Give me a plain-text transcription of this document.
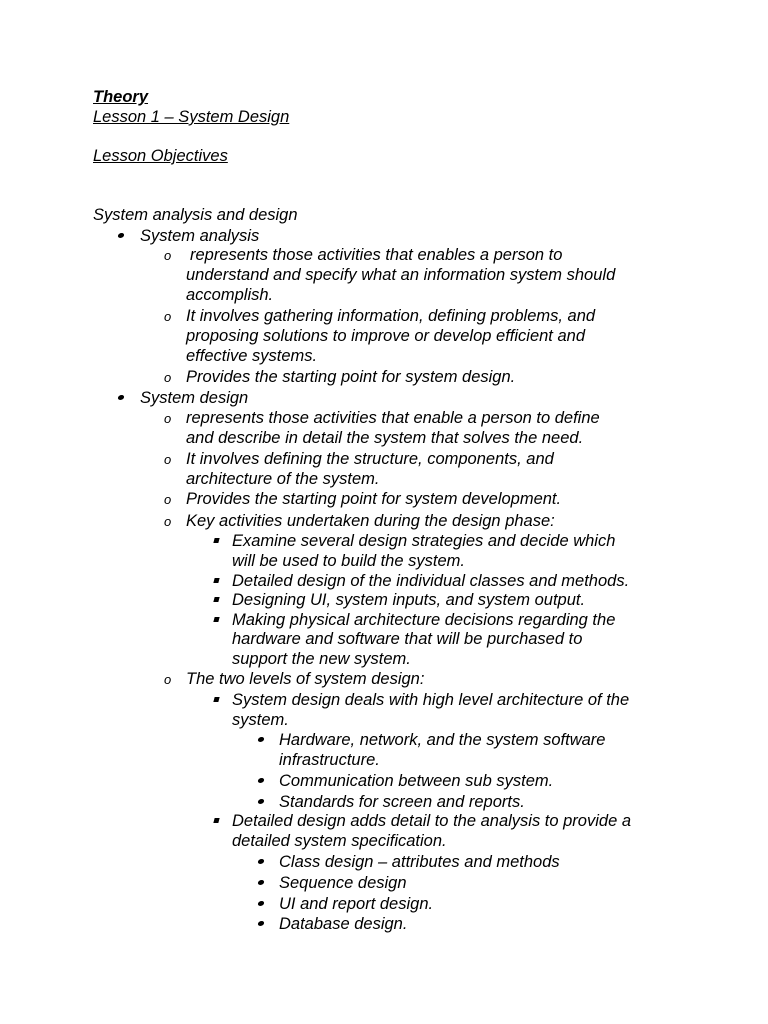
Theory
Lesson 1 – System Design
Lesson Objectives
System analysis and design
System analysis
o represents those activities that enables a person to
understand and specify what an information system should
accomplish.
o It involves gathering information, defining problems, and
proposing solutions to improve or develop efficient and
effective systems.
o Provides the starting point for system design.
System design
o represents those activities that enable a person to define
and describe in detail the system that solves the need.
o It involves defining the structure, components, and
architecture of the system.
o Provides the starting point for system development.
o Key activities undertaken during the design phase:
Examine several design strategies and decide which
will be used to build the system.
Detailed design of the individual classes and methods.
Designing UI, system inputs, and system output.
Making physical architecture decisions regarding the
hardware and software that will be purchased to
support the new system.
o The two levels of system design:
System design deals with high level architecture of the
system.
Hardware, network, and the system software
infrastructure.
Communication between sub system.
Standards for screen and reports.
Detailed design adds detail to the analysis to provide a
detailed system specification.
Class design – attributes and methods
Sequence design
UI and report design.
Database design.
